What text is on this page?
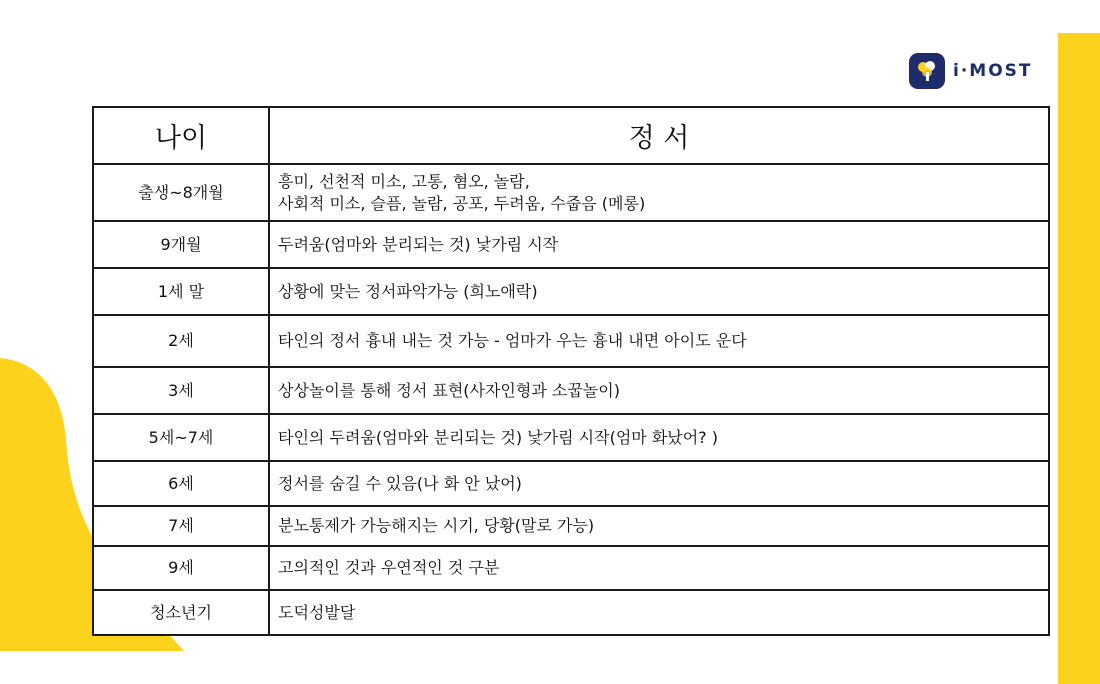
i·MOST
나이	정 서
출생~8개월	흥미, 선천적 미소, 고통, 혐오, 놀람,
사회적 미소, 슬픔, 놀람, 공포, 두려움, 수줍음 (메롱)

9개월	두려움(엄마와 분리되는 것) 낯가림 시작
1세 말	상황에 맞는 정서파악가능 (희노애락)
2세	타인의 정서 흉내 내는 것 가능 - 엄마가 우는 흉내 내면 아이도 운다
3세	상상놀이를 통해 정서 표현(사자인형과 소꿉놀이)
5세~7세	타인의 두려움(엄마와 분리되는 것) 낯가림 시작(엄마 화났어? )
6세	정서를 숨길 수 있음(나 화 안 났어)
7세	분노통제가 가능해지는 시기, 당황(말로 가능)
9세	고의적인 것과 우연적인 것 구분
청소년기	도덕성발달
